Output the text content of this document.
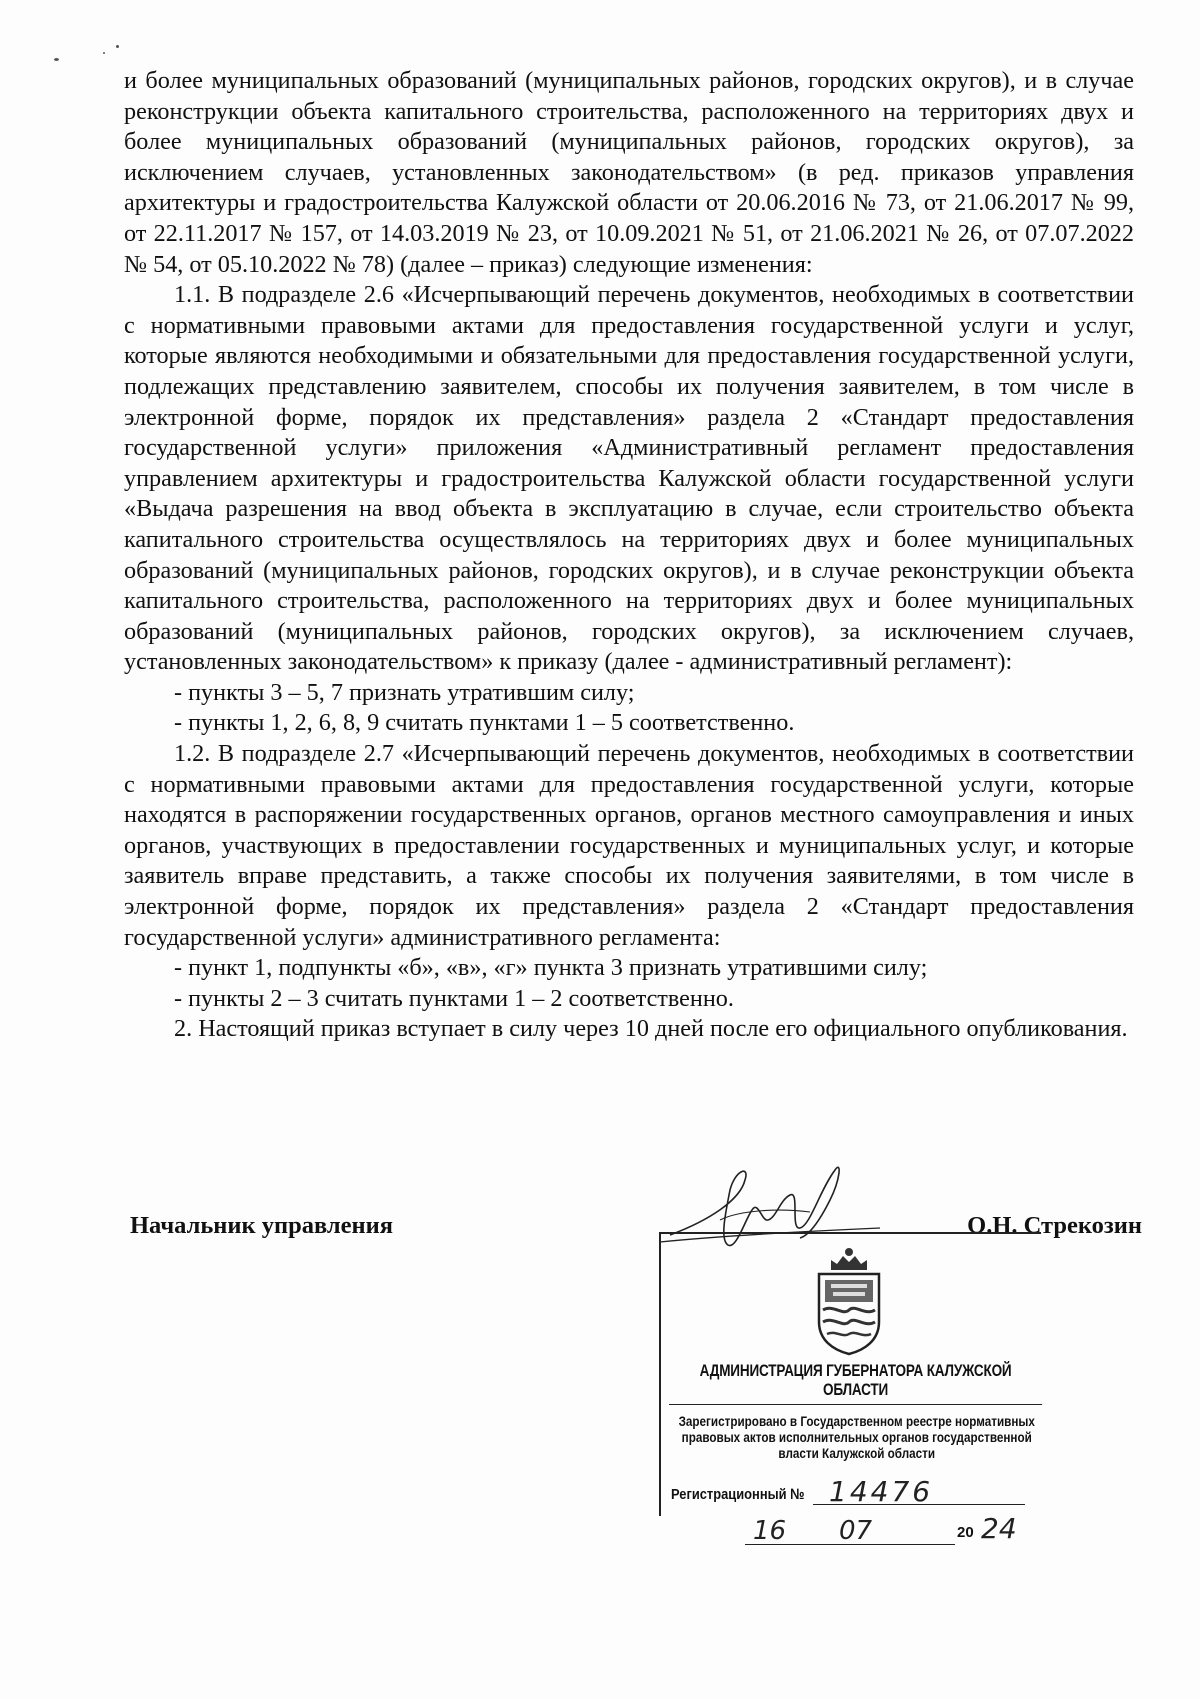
и более муниципальных образований (муниципальных районов, городских округов), и в случае реконструкции объекта капитального строительства, расположенного на территориях двух и более муниципальных образований (муниципальных районов, городских округов), за исключением случаев, установленных законодательством» (в ред. приказов управления архитектуры и градостроительства Калужской области от 20.06.2016 № 73, от 21.06.2017 № 99, от 22.11.2017 № 157, от 14.03.2019 № 23, от 10.09.2021 № 51, от 21.06.2021 № 26, от 07.07.2022 № 54, от 05.10.2022 № 78) (далее – приказ) следующие изменения:

1.1. В подразделе 2.6 «Исчерпывающий перечень документов, необходимых в соответствии с нормативными правовыми актами для предоставления государственной услуги и услуг, которые являются необходимыми и обязательными для предоставления государственной услуги, подлежащих представлению заявителем, способы их получения заявителем, в том числе в электронной форме, порядок их представления» раздела 2 «Стандарт предоставления государственной услуги» приложения «Административный регламент предоставления управлением архитектуры и градостроительства Калужской области государственной услуги «Выдача разрешения на ввод объекта в эксплуатацию в случае, если строительство объекта капитального строительства осуществлялось на территориях двух и более муниципальных образований (муниципальных районов, городских округов), и в случае реконструкции объекта капитального строительства, расположенного на территориях двух и более муниципальных образований (муниципальных районов, городских округов), за исключением случаев, установленных законодательством» к приказу (далее - административный регламент):

- пункты 3 – 5, 7 признать утратившим силу;

- пункты 1, 2, 6, 8, 9 считать пунктами 1 – 5 соответственно.

1.2. В подразделе 2.7 «Исчерпывающий перечень документов, необходимых в соответствии с нормативными правовыми актами для предоставления государственной услуги, которые находятся в распоряжении государственных органов, органов местного самоуправления и иных органов, участвующих в предоставлении государственных и муниципальных услуг, и которые заявитель вправе представить, а также способы их получения заявителями, в том числе в электронной форме, порядок их представления» раздела 2 «Стандарт предоставления государственной услуги» административного регламента:

- пункт 1, подпункты «б», «в», «г» пункта 3 признать утратившими силу;

- пункты 2 – 3 считать пунктами 1 – 2 соответственно.

2. Настоящий приказ вступает в силу через 10 дней после его официального опубликования.

Начальник управления	О.Н. Стрекозин
АДМИНИСТРАЦИЯ ГУБЕРНАТОРА КАЛУЖСКОЙ ОБЛАСТИ
Зарегистрировано в Государственном реестре нормативных правовых актов исполнительных органов государственной власти Калужской области
Регистрационный № 14476
16 07	20 24
